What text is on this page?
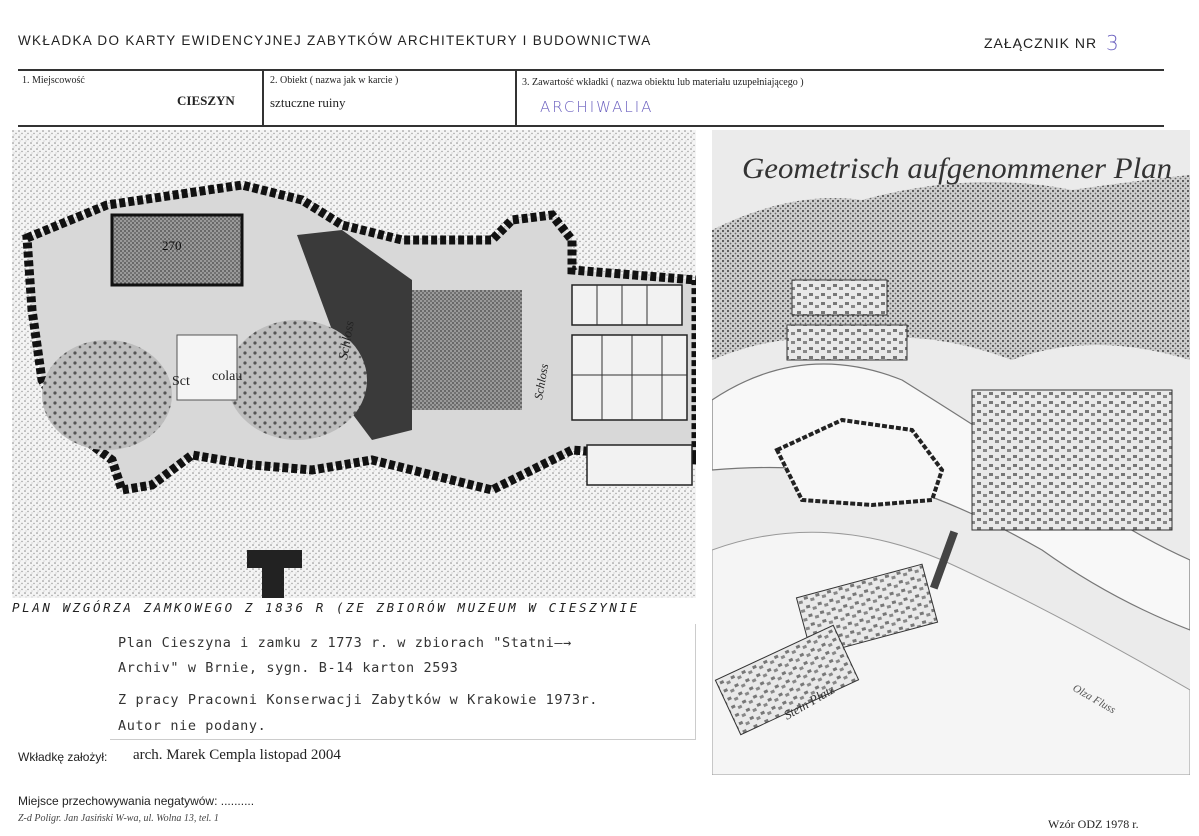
WKŁADKA DO KARTY EWIDENCYJNEJ ZABYTKÓW ARCHITEKTURY I BUDOWNICTWA	ZAŁĄCZNIK NR 3
1. Miejscowość
CIESZYN
2. Obiekt ( nazwa jak w karcie )
sztuczne ruiny
3. Zawartość wkładki ( nazwa obiektu lub materiału uzupełniającego )
ARCHIWALIA
270
Sct colau
Schloss
Schloss
Geometrisch aufgenommener Plan
Stein Platz	Olza Fluss
PLAN WZGÓRZA ZAMKOWEGO Z 1836 R (ZE ZBIORÓW MUZEUM W CIESZYNIE
Plan Cieszyna i zamku z 1773 r. w zbiorach "Statni—→
Archiv" w Brnie, sygn. B-14 karton 2593
Z pracy Pracowni Konserwacji Zabytków w Krakowie 1973r.
Autor nie podany.
Wkładkę założył: arch. Marek Cempla listopad 2004
Miejsce przechowywania negatywów: ..........
Z-d Poligr. Jan Jasiński W-wa, ul. Wolna 13, tel. 1	Wzór ODZ 1978 r.
